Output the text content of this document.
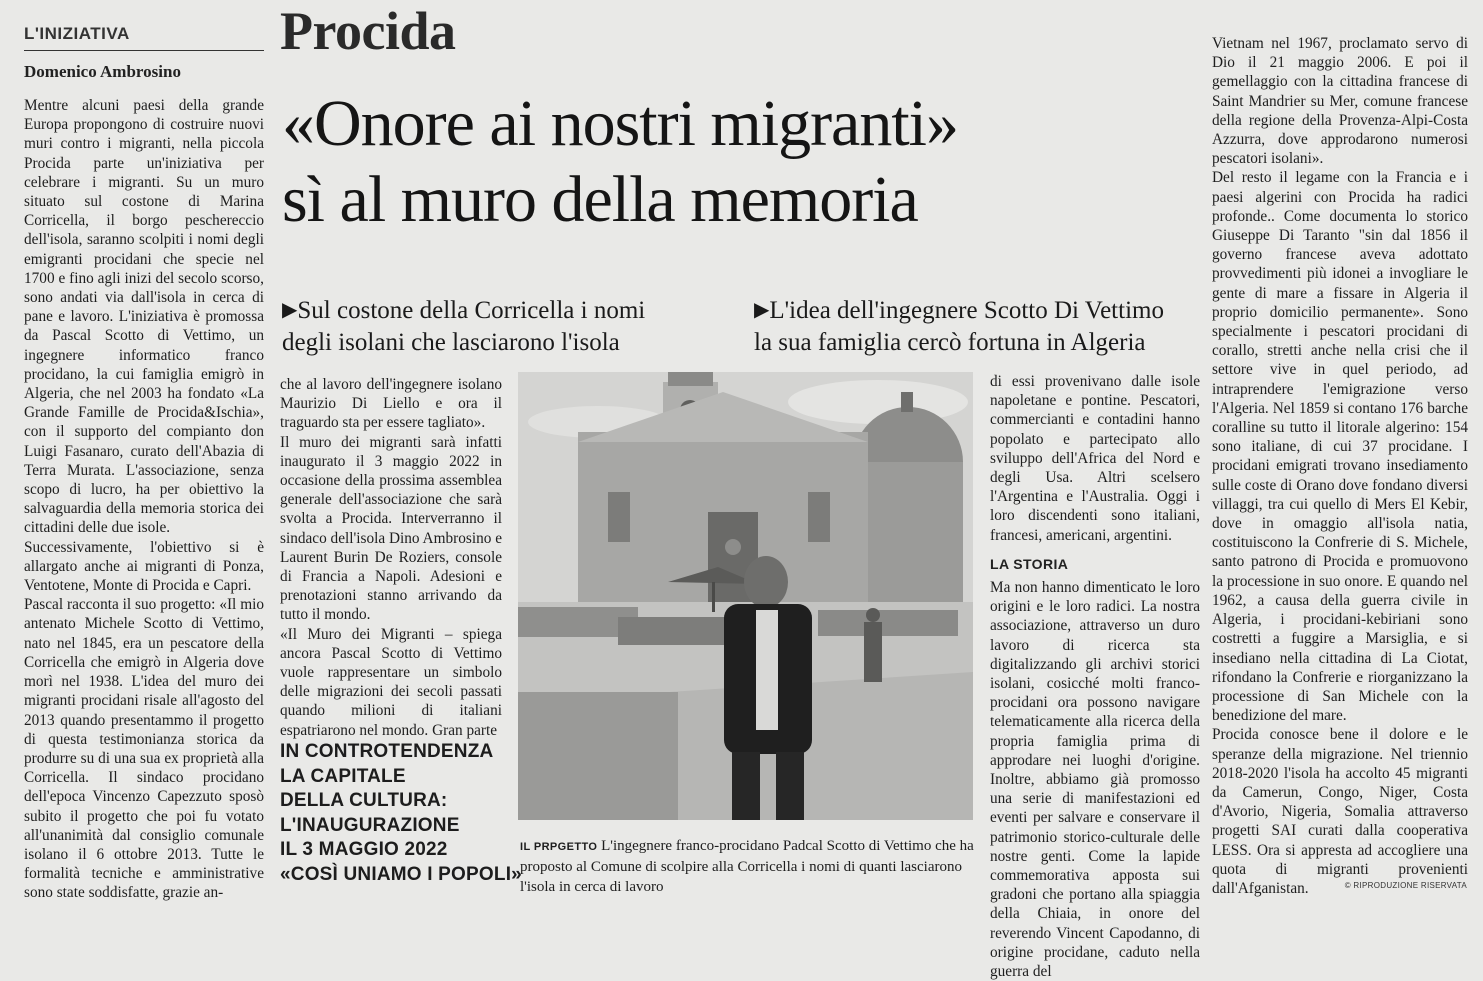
L'INIZIATIVA
Domenico Ambrosino
Procida
«Onore ai nostri migranti»
sì al muro della memoria
▶Sul costone della Corricella i nomi
degli isolani che lasciarono l'isola
▶L'idea dell'ingegnere Scotto Di Vettimo
la sua famiglia cercò fortuna in Algeria

Mentre alcuni paesi della grande Europa propongono di costruire nuovi muri contro i migranti, nella piccola Procida parte un'iniziativa per celebrare i migranti. Su un muro situato sul costone di Marina Corricella, il borgo peschereccio dell'isola, saranno scolpiti i nomi degli emigranti procidani che specie nel 1700 e fino agli inizi del secolo scorso, sono andati via dall'isola in cerca di pane e lavoro. L'iniziativa è promossa da Pascal Scotto di Vettimo, un ingegnere informatico franco procidano, la cui famiglia emigrò in Algeria, che nel 2003 ha fondato «La Grande Famille de Procida&Ischia», con il supporto del compianto don Luigi Fasanaro, curato dell'Abazia di Terra Murata. L'associazione, senza scopo di lucro, ha per obiettivo la salvaguardia della memoria storica dei cittadini delle due isole.

Successivamente, l'obiettivo si è allargato anche ai migranti di Ponza, Ventotene, Monte di Procida e Capri.

Pascal racconta il suo progetto: «Il mio antenato Michele Scotto di Vettimo, nato nel 1845, era un pescatore della Corricella che emigrò in Algeria dove morì nel 1938. L'idea del muro dei migranti procidani risale all'agosto del 2013 quando presentammo il progetto di questa testimonianza storica da produrre su di una sua ex proprietà alla Corricella. Il sindaco procidano dell'epoca Vincenzo Capezzuto sposò subito il progetto che poi fu votato all'unanimità dal consiglio comunale isolano il 6 ottobre 2013. Tutte le formalità tecniche e amministrative sono state soddisfatte, grazie an-

che al lavoro dell'ingegnere isolano Maurizio Di Liello e ora il traguardo sta per essere tagliato».

Il muro dei migranti sarà infatti inaugurato il 3 maggio 2022 in occasione della prossima assemblea generale dell'associazione che sarà svolta a Procida. Interverranno il sindaco dell'isola Dino Ambrosino e Laurent Burin De Roziers, console di Francia a Napoli. Adesioni e prenotazioni stanno arrivando da tutto il mondo.

«Il Muro dei Migranti – spiega ancora Pascal Scotto di Vettimo vuole rappresentare un simbolo delle migrazioni dei secoli passati quando milioni di italiani espatriarono nel mondo. Gran parte

IN CONTROTENDENZA
LA CAPITALE
DELLA CULTURA:
L'INAUGURAZIONE
IL 3 MAGGIO 2022
«COSÌ UNIAMO I POPOLI»
IL PRPGETTO L'ingegnere franco-procidano Padcal Scotto di Vettimo che ha proposto al Comune di scolpire alla Corricella i nomi di quanti lasciarono l'isola in cerca di lavoro

di essi provenivano dalle isole napoletane e pontine. Pescatori, commercianti e contadini hanno popolato e partecipato allo sviluppo dell'Africa del Nord e degli Usa. Altri scelsero l'Argentina e l'Australia. Oggi i loro discendenti sono italiani, francesi, americani, argentini.

LA STORIA

Ma non hanno dimenticato le loro origini e le loro radici. La nostra associazione, attraverso un duro lavoro di ricerca sta digitalizzando gli archivi storici isolani, cosicché molti franco-procidani ora possono navigare telematicamente alla ricerca della propria famiglia prima di approdare nei luoghi d'origine. Inoltre, abbiamo già promosso una serie di manifestazioni ed eventi per salvare e conservare il patrimonio storico-culturale delle nostre genti. Come la lapide commemorativa apposta sui gradoni che portano alla spiaggia della Chiaia, in onore del reverendo Vincent Capodanno, di origine procidane, caduto nella guerra del

Vietnam nel 1967, proclamato servo di Dio il 21 maggio 2006. E poi il gemellaggio con la cittadina francese di Saint Mandrier su Mer, comune francese della regione della Provenza-Alpi-Costa Azzurra, dove approdarono numerosi pescatori isolani».

Del resto il legame con la Francia e i paesi algerini con Procida ha radici profonde.. Come documenta lo storico Giuseppe Di Taranto "sin dal 1856 il governo francese aveva adottato provvedimenti più idonei a invogliare le gente di mare a fissare in Algeria il proprio domicilio permanente». Sono specialmente i pescatori procidani di corallo, stretti anche nella crisi che il settore vive in quel periodo, ad intraprendere l'emigrazione verso l'Algeria. Nel 1859 si contano 176 barche coralline su tutto il litorale algerino: 154 sono italiane, di cui 37 procidane. I procidani emigrati trovano insediamento sulle coste di Orano dove fondano diversi villaggi, tra cui quello di Mers El Kebir, dove in omaggio all'isola natia, costituiscono la Confrerie di S. Michele, santo patrono di Procida e promuovono la processione in suo onore. E quando nel 1962, a causa della guerra civile in Algeria, i procidani-kebiriani sono costretti a fuggire a Marsiglia, e si insediano nella cittadina di La Ciotat, rifondano la Confrerie e riorganizzano la processione di San Michele con la benedizione del mare.

Procida conosce bene il dolore e le speranze della migrazione. Nel triennio 2018-2020 l'isola ha accolto 45 migranti da Camerun, Congo, Niger, Costa d'Avorio, Nigeria, Somalia attraverso progetti SAI curati dalla cooperativa LESS. Ora si appresta ad accogliere una quota di migranti provenienti dall'Afganistan.	© RIPRODUZIONE RISERVATA
